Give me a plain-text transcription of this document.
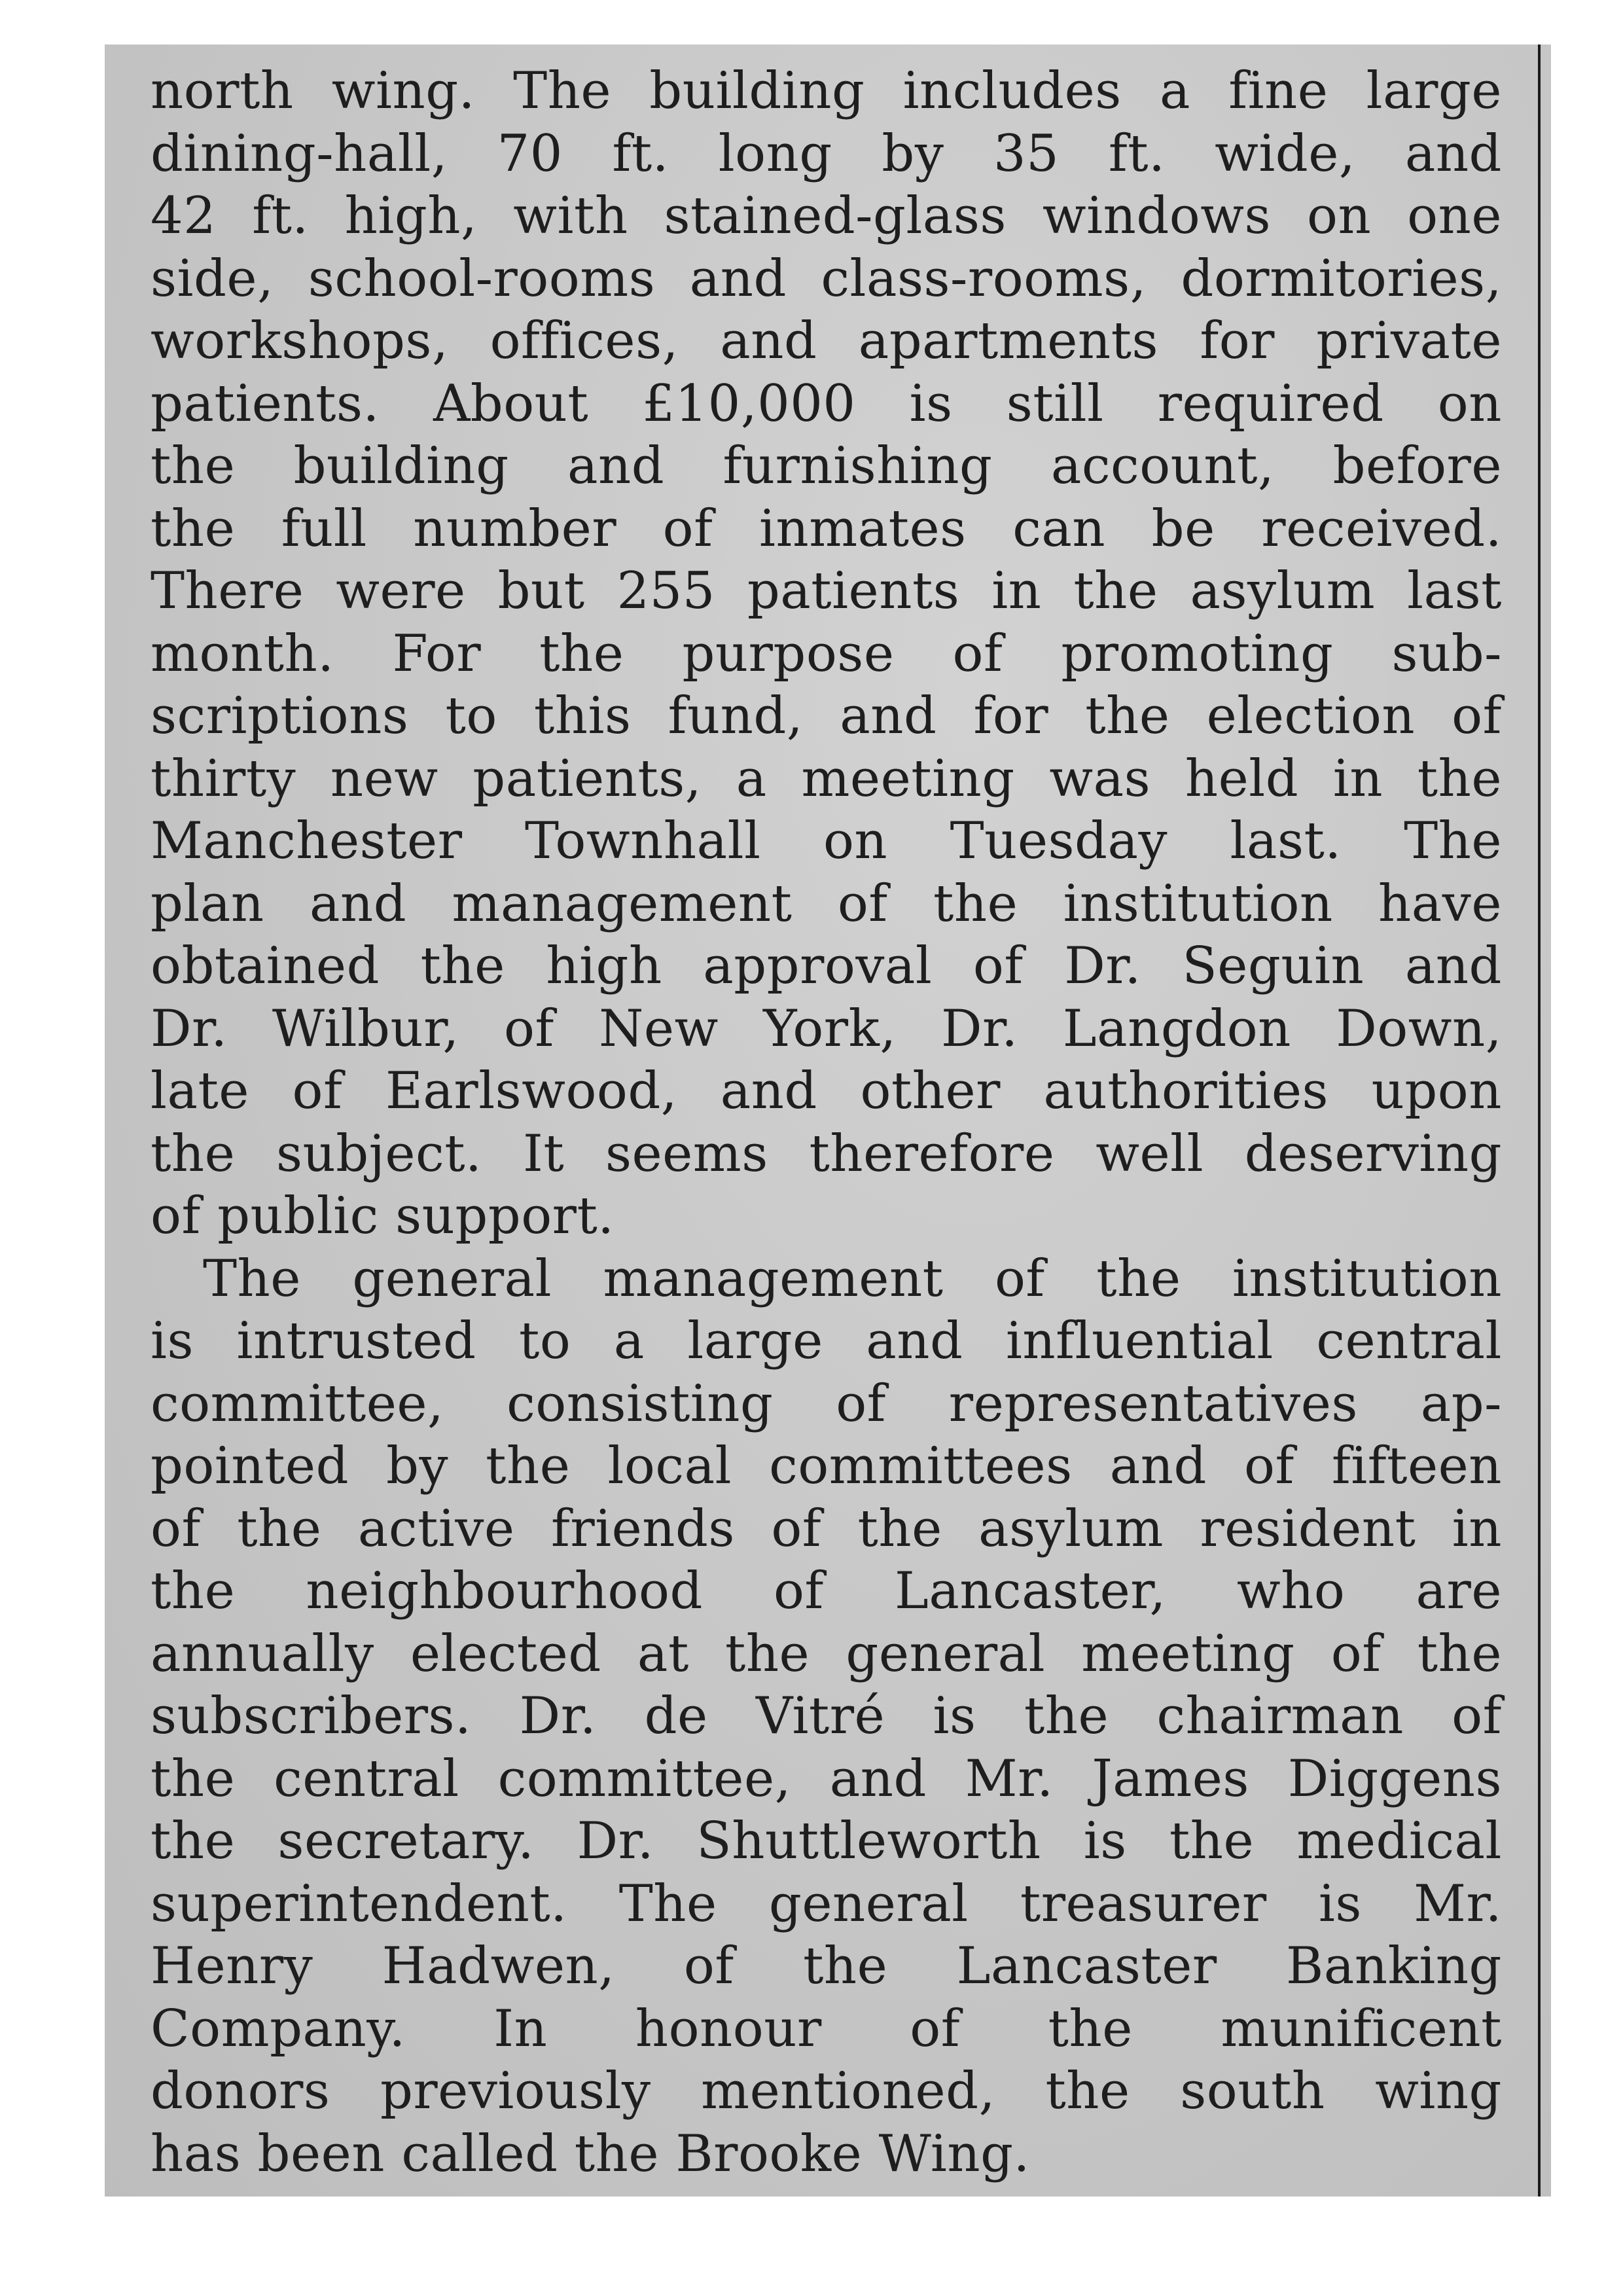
north wing. The building includes a fine large
dining-hall, 70 ft. long by 35 ft. wide, and
42 ft. high, with stained-glass windows on one
side, school-rooms and class-rooms, dormitories,
workshops, offices, and apartments for private
patients. About £10,000 is still required on
the building and furnishing account, before
the full number of inmates can be received.
There were but 255 patients in the asylum last
month. For the purpose of promoting sub-
scriptions to this fund, and for the election of
thirty new patients, a meeting was held in the
Manchester Townhall on Tuesday last. The
plan and management of the institution have
obtained the high approval of Dr. Seguin and
Dr. Wilbur, of New York, Dr. Langdon Down,
late of Earlswood, and other authorities upon
the subject. It seems therefore well deserving
of public support.
The general management of the institution
is intrusted to a large and influential central
committee, consisting of representatives ap-
pointed by the local committees and of fifteen
of the active friends of the asylum resident in
the neighbourhood of Lancaster, who are
annually elected at the general meeting of the
subscribers. Dr. de Vitré is the chairman of
the central committee, and Mr. James Diggens
the secretary. Dr. Shuttleworth is the medical
superintendent. The general treasurer is Mr.
Henry Hadwen, of the Lancaster Banking
Company. In honour of the munificent
donors previously mentioned, the south wing
has been called the Brooke Wing.
